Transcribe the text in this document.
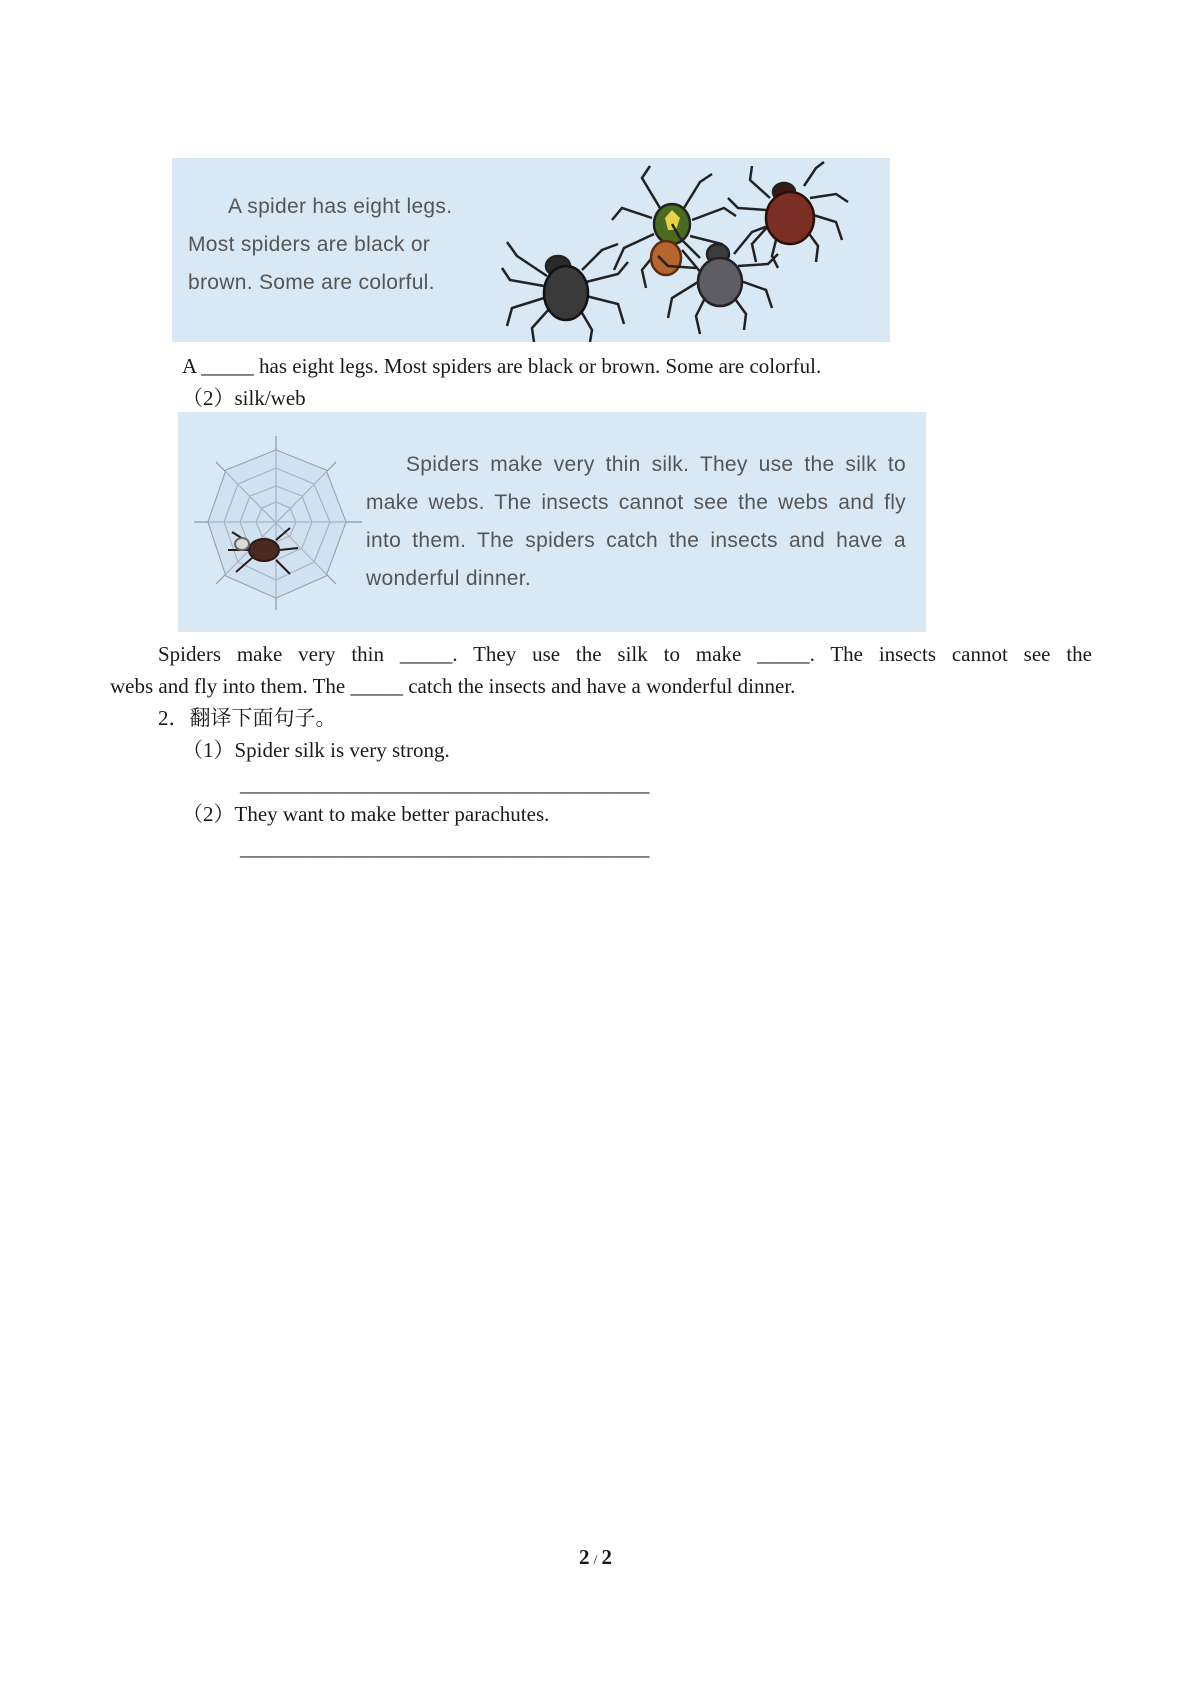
A spider has eight legs.
Most spiders are black or
brown. Some are colorful.
A _____ has eight legs. Most spiders are black or brown. Some are colorful.
（2）silk/web
Spiders make very thin silk. They use the silk to
make webs. The insects cannot see the webs and fly
into them. The spiders catch the insects and have a
wonderful dinner.
Spiders make very thin _____. They use the silk to make _____. The insects cannot see the
webs and fly into them. The _____ catch the insects and have a wonderful dinner.
2．翻译下面句子。
（1）Spider silk is very strong.
_______________________________________
（2）They want to make better parachutes.
_______________________________________
2 / 2
